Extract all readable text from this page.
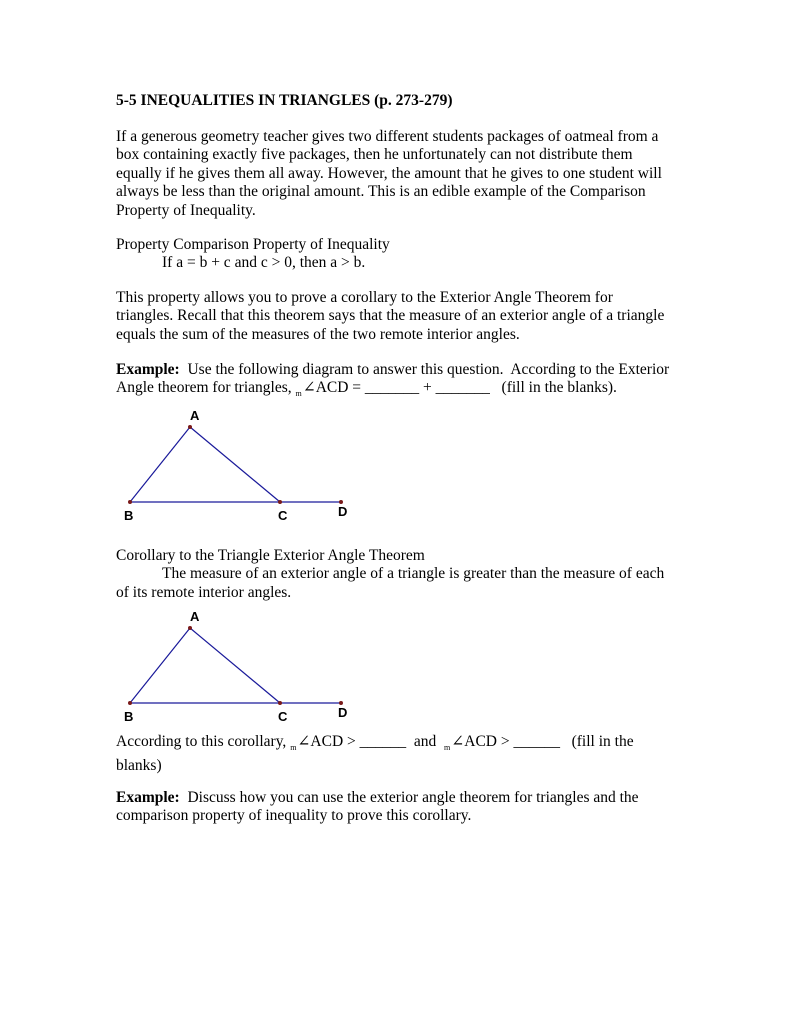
5-5 INEQUALITIES IN TRIANGLES (p. 273-279)

If a generous geometry teacher gives two different students packages of oatmeal from a

box containing exactly five packages, then he unfortunately can not distribute them

equally if he gives them all away. However, the amount that he gives to one student will

always be less than the original amount. This is an edible example of the Comparison

Property of Inequality.

Property Comparison Property of Inequality

If a = b + c and c > 0, then a > b.

This property allows you to prove a corollary to the Exterior Angle Theorem for

triangles. Recall that this theorem says that the measure of an exterior angle of a triangle

equals the sum of the measures of the two remote interior angles.

Example:  Use the following diagram to answer this question.  According to the Exterior

Angle theorem for triangles, $_m$∠ACD = _______ + _______   (fill in the blanks).

A
B	C	D

Corollary to the Triangle Exterior Angle Theorem

The measure of an exterior angle of a triangle is greater than the measure of each

of its remote interior angles.

A
B	C	D

According to this corollary, $_m$∠ACD > ______  and  $_m$∠ACD > ______   (fill in the

blanks)

Example:  Discuss how you can use the exterior angle theorem for triangles and the

comparison property of inequality to prove this corollary.
